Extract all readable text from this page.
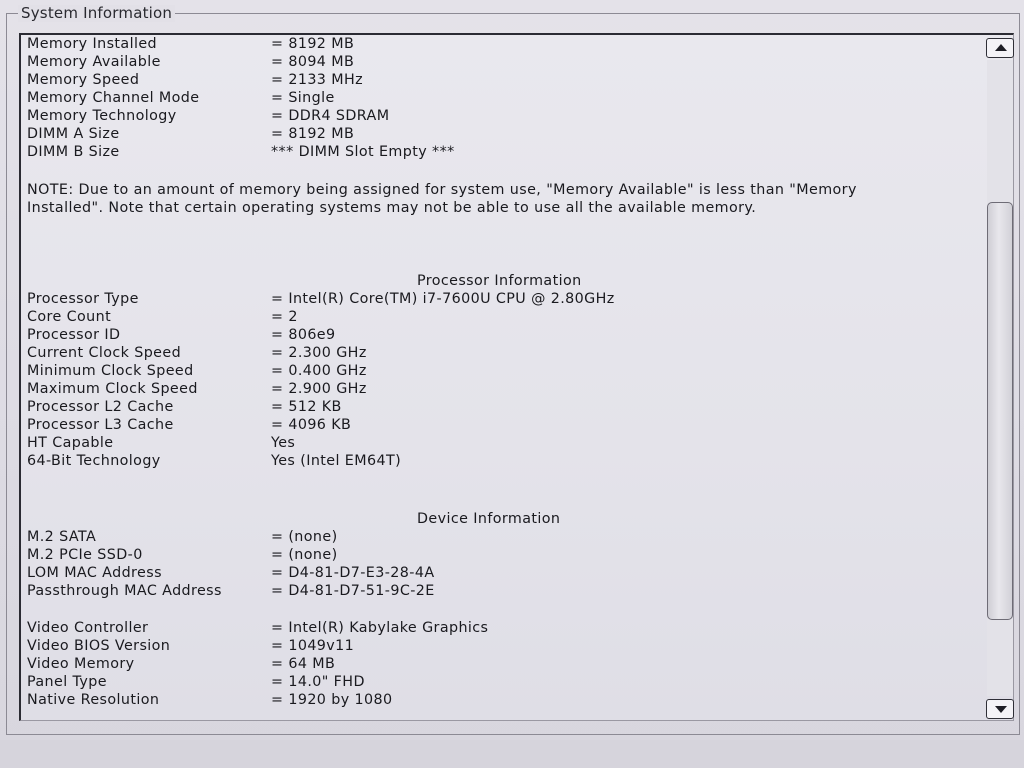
System Information
Memory Installed	= 8192 MB
Memory Available	= 8094 MB
Memory Speed	= 2133 MHz
Memory Channel Mode	= Single
Memory Technology	= DDR4 SDRAM
DIMM A Size	= 8192 MB
DIMM B Size	*** DIMM Slot Empty ***
NOTE: Due to an amount of memory being assigned for system use, "Memory Available" is less than "Memory Installed". Note that certain operating systems may not be able to use all the available memory.
Processor Information
Processor Type	= Intel(R) Core(TM) i7-7600U CPU @ 2.80GHz
Core Count	= 2
Processor ID	= 806e9
Current Clock Speed	= 2.300 GHz
Minimum Clock Speed	= 0.400 GHz
Maximum Clock Speed	= 2.900 GHz
Processor L2 Cache	= 512 KB
Processor L3 Cache	= 4096 KB
HT Capable	Yes
64-Bit Technology	Yes (Intel EM64T)
Device Information
M.2 SATA	= (none)
M.2 PCIe SSD-0	= (none)
LOM MAC Address	= D4-81-D7-E3-28-4A
Passthrough MAC Address	= D4-81-D7-51-9C-2E
Video Controller	= Intel(R) Kabylake Graphics
Video BIOS Version	= 1049v11
Video Memory	= 64 MB
Panel Type	= 14.0" FHD
Native Resolution	= 1920 by 1080
